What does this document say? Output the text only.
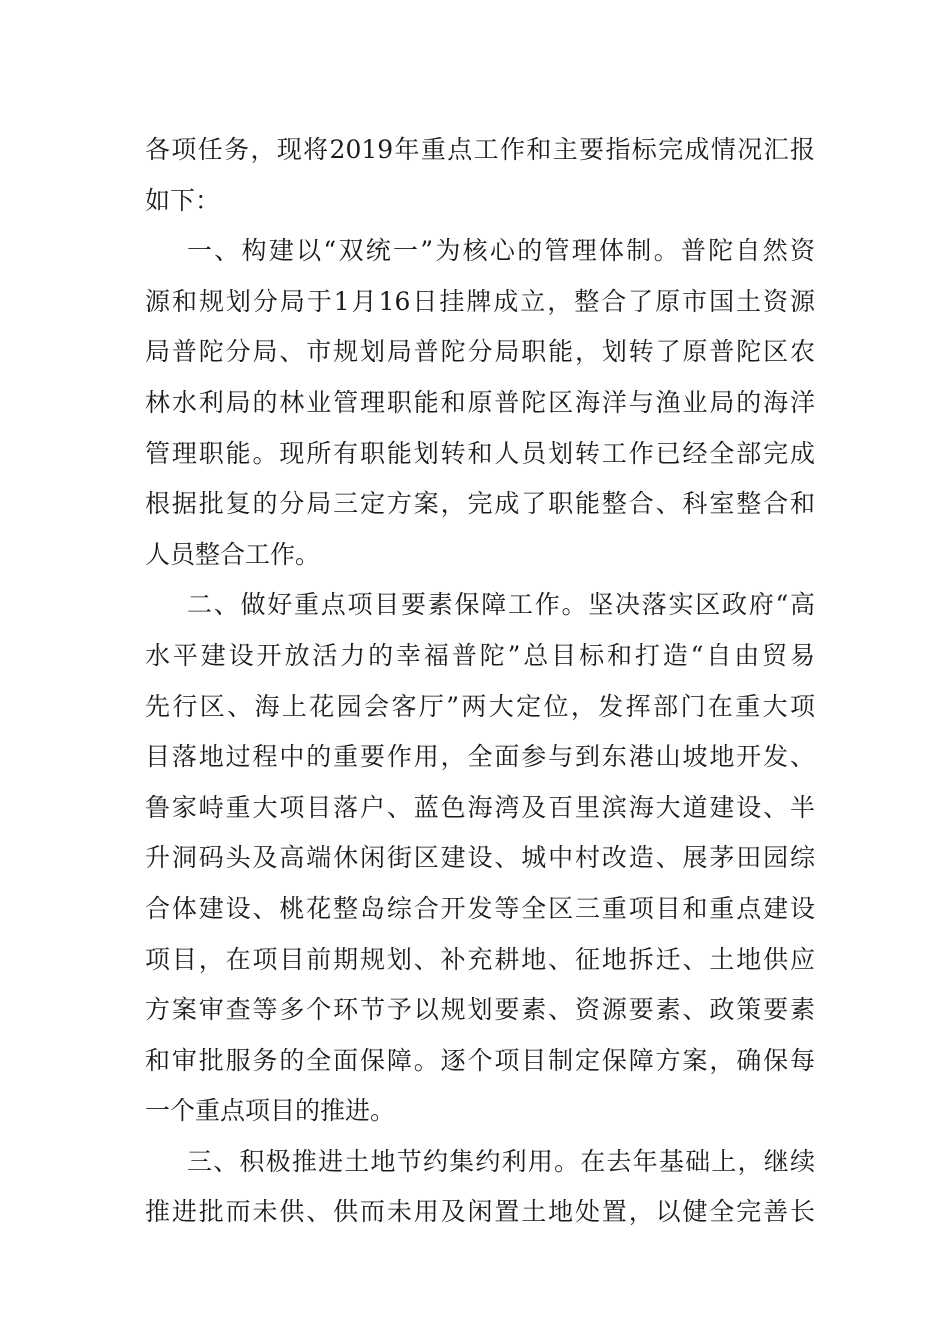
各项任务，现将2019年重点工作和主要指标完成情况汇报
如下：
一、构建以“双统一”为核心的管理体制。普陀自然资
源和规划分局于1月16日挂牌成立，整合了原市国土资源
局普陀分局、市规划局普陀分局职能，划转了原普陀区农
林水利局的林业管理职能和原普陀区海洋与渔业局的海洋
管理职能。现所有职能划转和人员划转工作已经全部完成
根据批复的分局三定方案，完成了职能整合、科室整合和
人员整合工作。
二、做好重点项目要素保障工作。坚决落实区政府“高
水平建设开放活力的幸福普陀”总目标和打造“自由贸易
先行区、海上花园会客厅”两大定位，发挥部门在重大项
目落地过程中的重要作用，全面参与到东港山坡地开发、
鲁家峙重大项目落户、蓝色海湾及百里滨海大道建设、半
升洞码头及高端休闲街区建设、城中村改造、展茅田园综
合体建设、桃花整岛综合开发等全区三重项目和重点建设
项目，在项目前期规划、补充耕地、征地拆迁、土地供应
方案审查等多个环节予以规划要素、资源要素、政策要素
和审批服务的全面保障。逐个项目制定保障方案，确保每
一个重点项目的推进。
三、积极推进土地节约集约利用。在去年基础上，继续
推进批而未供、供而未用及闲置土地处置，以健全完善长
